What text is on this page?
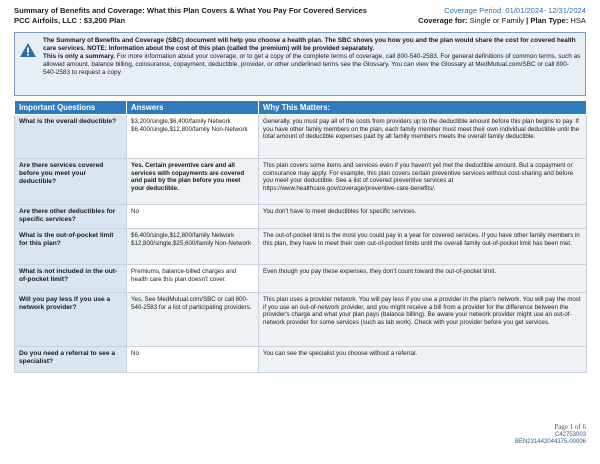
Summary of Benefits and Coverage: What this Plan Covers & What You Pay For Covered Services
PCC Airfoils, LLC : $3,200 Plan
Coverage Period: 01/01/2024- 12/31/2024
Coverage for: Single or Family | Plan Type: HSA
The Summary of Benefits and Coverage (SBC) document will help you choose a health plan. The SBC shows you how you and the plan would share the cost for covered health care services. NOTE: Information about the cost of this plan (called the premium) will be provided separately.
This is only a summary. For more information about your coverage, or to get a copy of the complete terms of coverage, call 800-540-2583. For general definitions of common terms, such as allowed amount, balance billing, coinsurance, copayment, deductible, provider, or other underlined terms see the Glossary. You can view the Glossary at MedMutual.com/SBC or call 800-540-2583 to request a copy.
Important Questions	Answers	Why This Matters:
What is the overall deductible?	$3,200/single,$6,400/family Network $6,400/single,$12,800/family Non-Network	Generally, you must pay all of the costs from providers up to the deductible amount before this plan begins to pay. If you have other family members on the plan, each family member must meet their own individual deductible until the total amount of deductible expenses paid by all family members meets the overall family deductible.
Are there services covered before you meet your deductible?	Yes. Certain preventive care and all services with copayments are covered and paid by the plan before you meet your deductible.	This plan covers some items and services even if you haven't yet met the deductible amount. But a copayment or coinsurance may apply. For example, this plan covers certain preventive services without cost-sharing and before you meet your deductible. See a list of covered preventive services at https://www.healthcare.gov/coverage/preventive-care-benefits/.
Are there other deductibles for specific services?	No	You don't have to meet deductibles for specific services.
What is the out-of-pocket limit for this plan?	$6,400/single,$12,800/family Network $12,800/single,$25,600/family Non-Network	The out-of-pocket limit is the most you could pay in a year for covered services. If you have other family members in this plan, they have to meet their own out-of-pocket limits until the overall family out-of-pocket limit has been met.
What is not included in the out-of-pocket limit?	Premiums, balance-billed charges and health care this plan doesn't cover.	Even though you pay these expenses, they don't count toward the out-of-pocket limit.
Will you pay less if you use a network provider?	Yes, See MedMutual.com/SBC or call 800-540-2583 for a list of participating providers.	This plan uses a provider network. You will pay less if you use a provider in the plan's network. You will pay the most if you use an out-of-network provider, and you might receive a bill from a provider for the difference between the provider's charge and what your plan pays (balance billing). Be aware your network provider might use an out-of-network provider for some services (such as lab work). Check with your provider before you get services.
Do you need a referral to see a specialist?	No	You can see the specialist you choose without a referral.
Page 1 of 6
C42753003
BEN231442044375-00006
